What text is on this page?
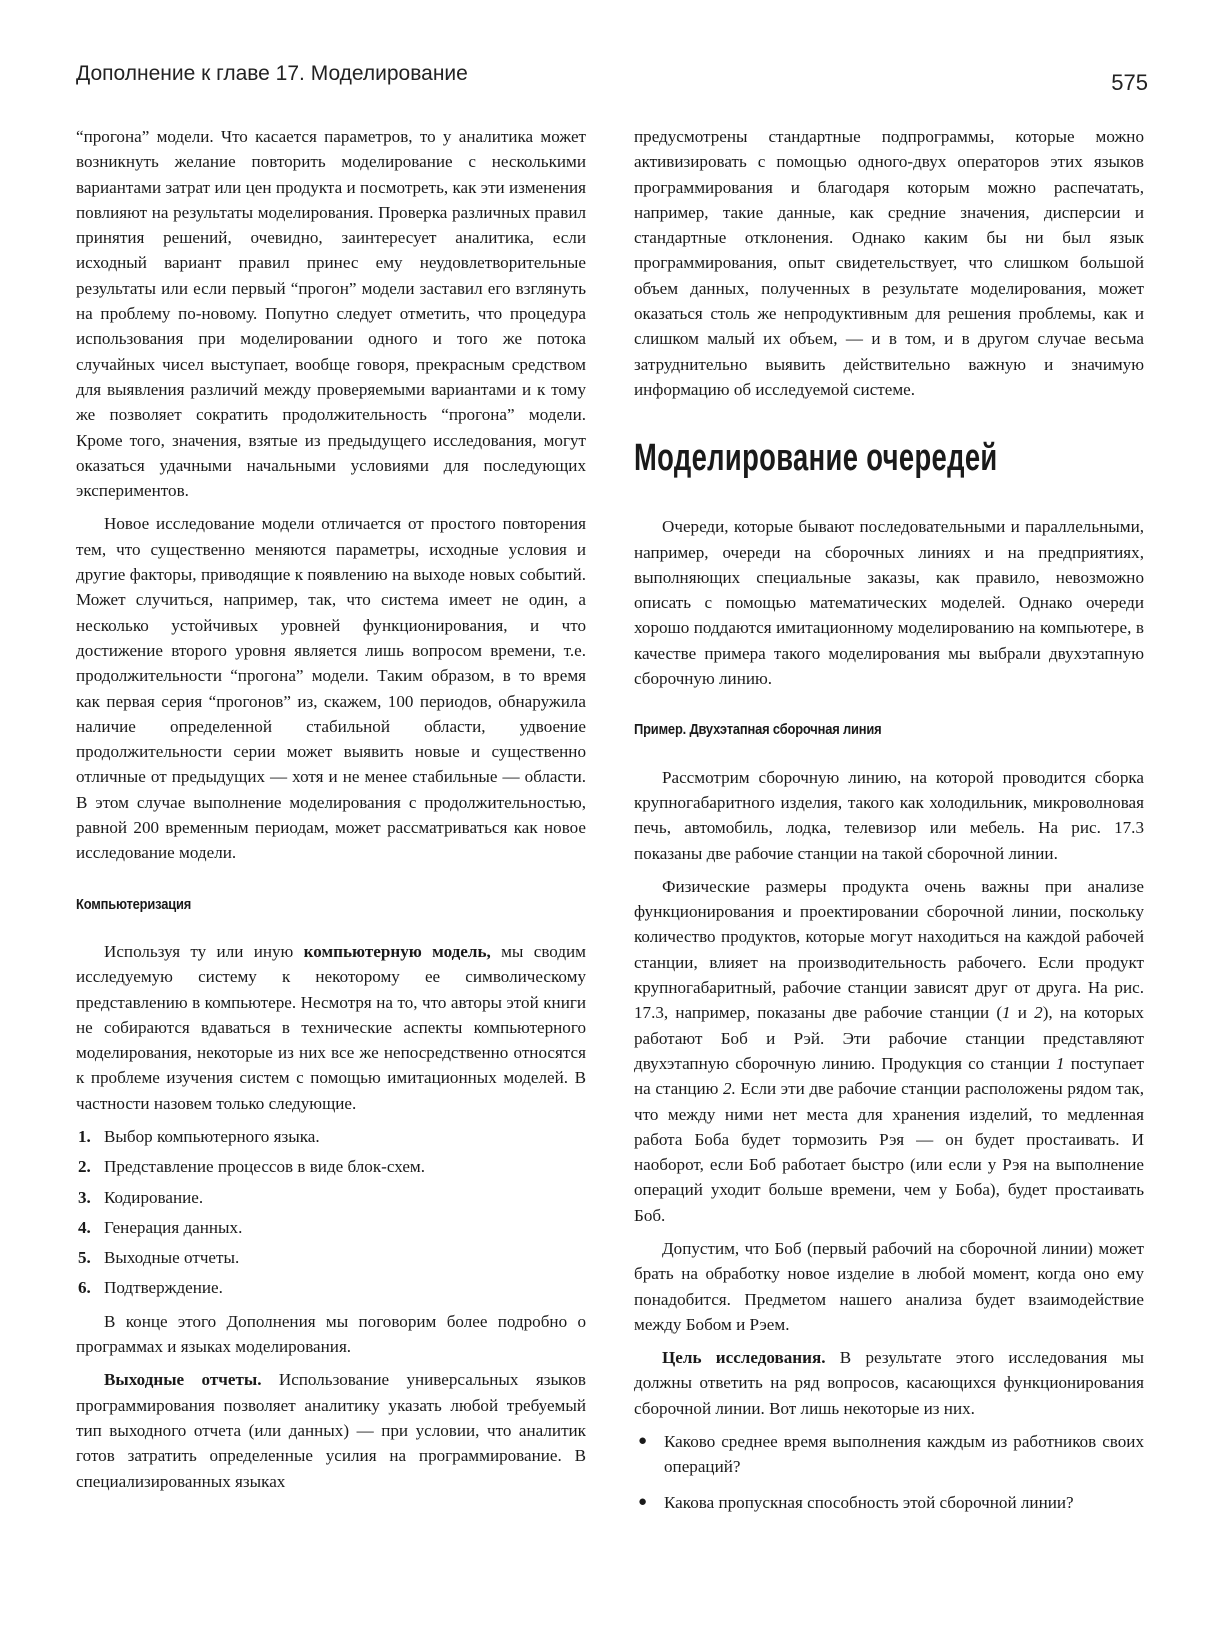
Дополнение к главе 17. Моделирование	575

“прогона” модели. Что касается параметров, то у аналитика может возникнуть желание повторить моделирование с несколькими вариантами затрат или цен продукта и посмотреть, как эти изменения повлияют на результаты моделирования. Проверка различных правил принятия решений, очевидно, заинтересует аналитика, если исходный вариант правил принес ему неудовлетворительные результаты или если первый “прогон” модели заставил его взглянуть на проблему по-новому. Попутно следует отметить, что процедура использования при моделировании одного и того же потока случайных чисел выступает, вообще говоря, прекрасным средством для выявления различий между проверяемыми вариантами и к тому же позволяет сократить продолжительность “прогона” модели. Кроме того, значения, взятые из предыдущего исследования, могут оказаться удачными начальными условиями для последующих экспериментов.

Новое исследование модели отличается от простого повторения тем, что существенно меняются параметры, исходные условия и другие факторы, приводящие к появлению на выходе новых событий. Может случиться, например, так, что система имеет не один, а несколько устойчивых уровней функционирования, и что достижение второго уровня является лишь вопросом времени, т.е. продолжительности “прогона” модели. Таким образом, в то время как первая серия “прогонов” из, скажем, 100 периодов, обнаружила наличие определенной стабильной области, удвоение продолжительности серии может выявить новые и существенно отличные от предыдущих — хотя и не менее стабильные — области. В этом случае выполнение моделирования с продолжительностью, равной 200 временным периодам, может рассматриваться как новое исследование модели.

Компьютеризация

Используя ту или иную компьютерную модель, мы сводим исследуемую систему к некоторому ее символическому представлению в компьютере. Несмотря на то, что авторы этой книги не собираются вдаваться в технические аспекты компьютерного моделирования, некоторые из них все же непосредственно относятся к проблеме изучения систем с помощью имитационных моделей. В частности назовем только следующие.

1. Выбор компьютерного языка.
2. Представление процессов в виде блок-схем.
3. Кодирование.
4. Генерация данных.
5. Выходные отчеты.
6. Подтверждение.

В конце этого Дополнения мы поговорим более подробно о программах и языках моделирования.

Выходные отчеты. Использование универсальных языков программирования позволяет аналитику указать любой требуемый тип выходного отчета (или данных) — при условии, что аналитик готов затратить определенные усилия на программирование. В специализированных языках

предусмотрены стандартные подпрограммы, которые можно активизировать с помощью одного-двух операторов этих языков программирования и благодаря которым можно распечатать, например, такие данные, как средние значения, дисперсии и стандартные отклонения. Однако каким бы ни был язык программирования, опыт свидетельствует, что слишком большой объем данных, полученных в результате моделирования, может оказаться столь же непродуктивным для решения проблемы, как и слишком малый их объем, — и в том, и в другом случае весьма затруднительно выявить действительно важную и значимую информацию об исследуемой системе.

Моделирование очередей

Очереди, которые бывают последовательными и параллельными, например, очереди на сборочных линиях и на предприятиях, выполняющих специальные заказы, как правило, невозможно описать с помощью математических моделей. Однако очереди хорошо поддаются имитационному моделированию на компьютере, в качестве примера такого моделирования мы выбрали двухэтапную сборочную линию.

Пример. Двухэтапная сборочная линия

Рассмотрим сборочную линию, на которой проводится сборка крупногабаритного изделия, такого как холодильник, микроволновая печь, автомобиль, лодка, телевизор или мебель. На рис. 17.3 показаны две рабочие станции на такой сборочной линии.

Физические размеры продукта очень важны при анализе функционирования и проектировании сборочной линии, поскольку количество продуктов, которые могут находиться на каждой рабочей станции, влияет на производительность рабочего. Если продукт крупногабаритный, рабочие станции зависят друг от друга. На рис. 17.3, например, показаны две рабочие станции (1 и 2), на которых работают Боб и Рэй. Эти рабочие станции представляют двухэтапную сборочную линию. Продукция со станции 1 поступает на станцию 2. Если эти две рабочие станции расположены рядом так, что между ними нет места для хранения изделий, то медленная работа Боба будет тормозить Рэя — он будет простаивать. И наоборот, если Боб работает быстро (или если у Рэя на выполнение операций уходит больше времени, чем у Боба), будет простаивать Боб.

Допустим, что Боб (первый рабочий на сборочной линии) может брать на обработку новое изделие в любой момент, когда оно ему понадобится. Предметом нашего анализа будет взаимодействие между Бобом и Рэем.

Цель исследования. В результате этого исследования мы должны ответить на ряд вопросов, касающихся функционирования сборочной линии. Вот лишь некоторые из них.

● Каково среднее время выполнения каждым из работников своих операций?
● Какова пропускная способность этой сборочной линии?
